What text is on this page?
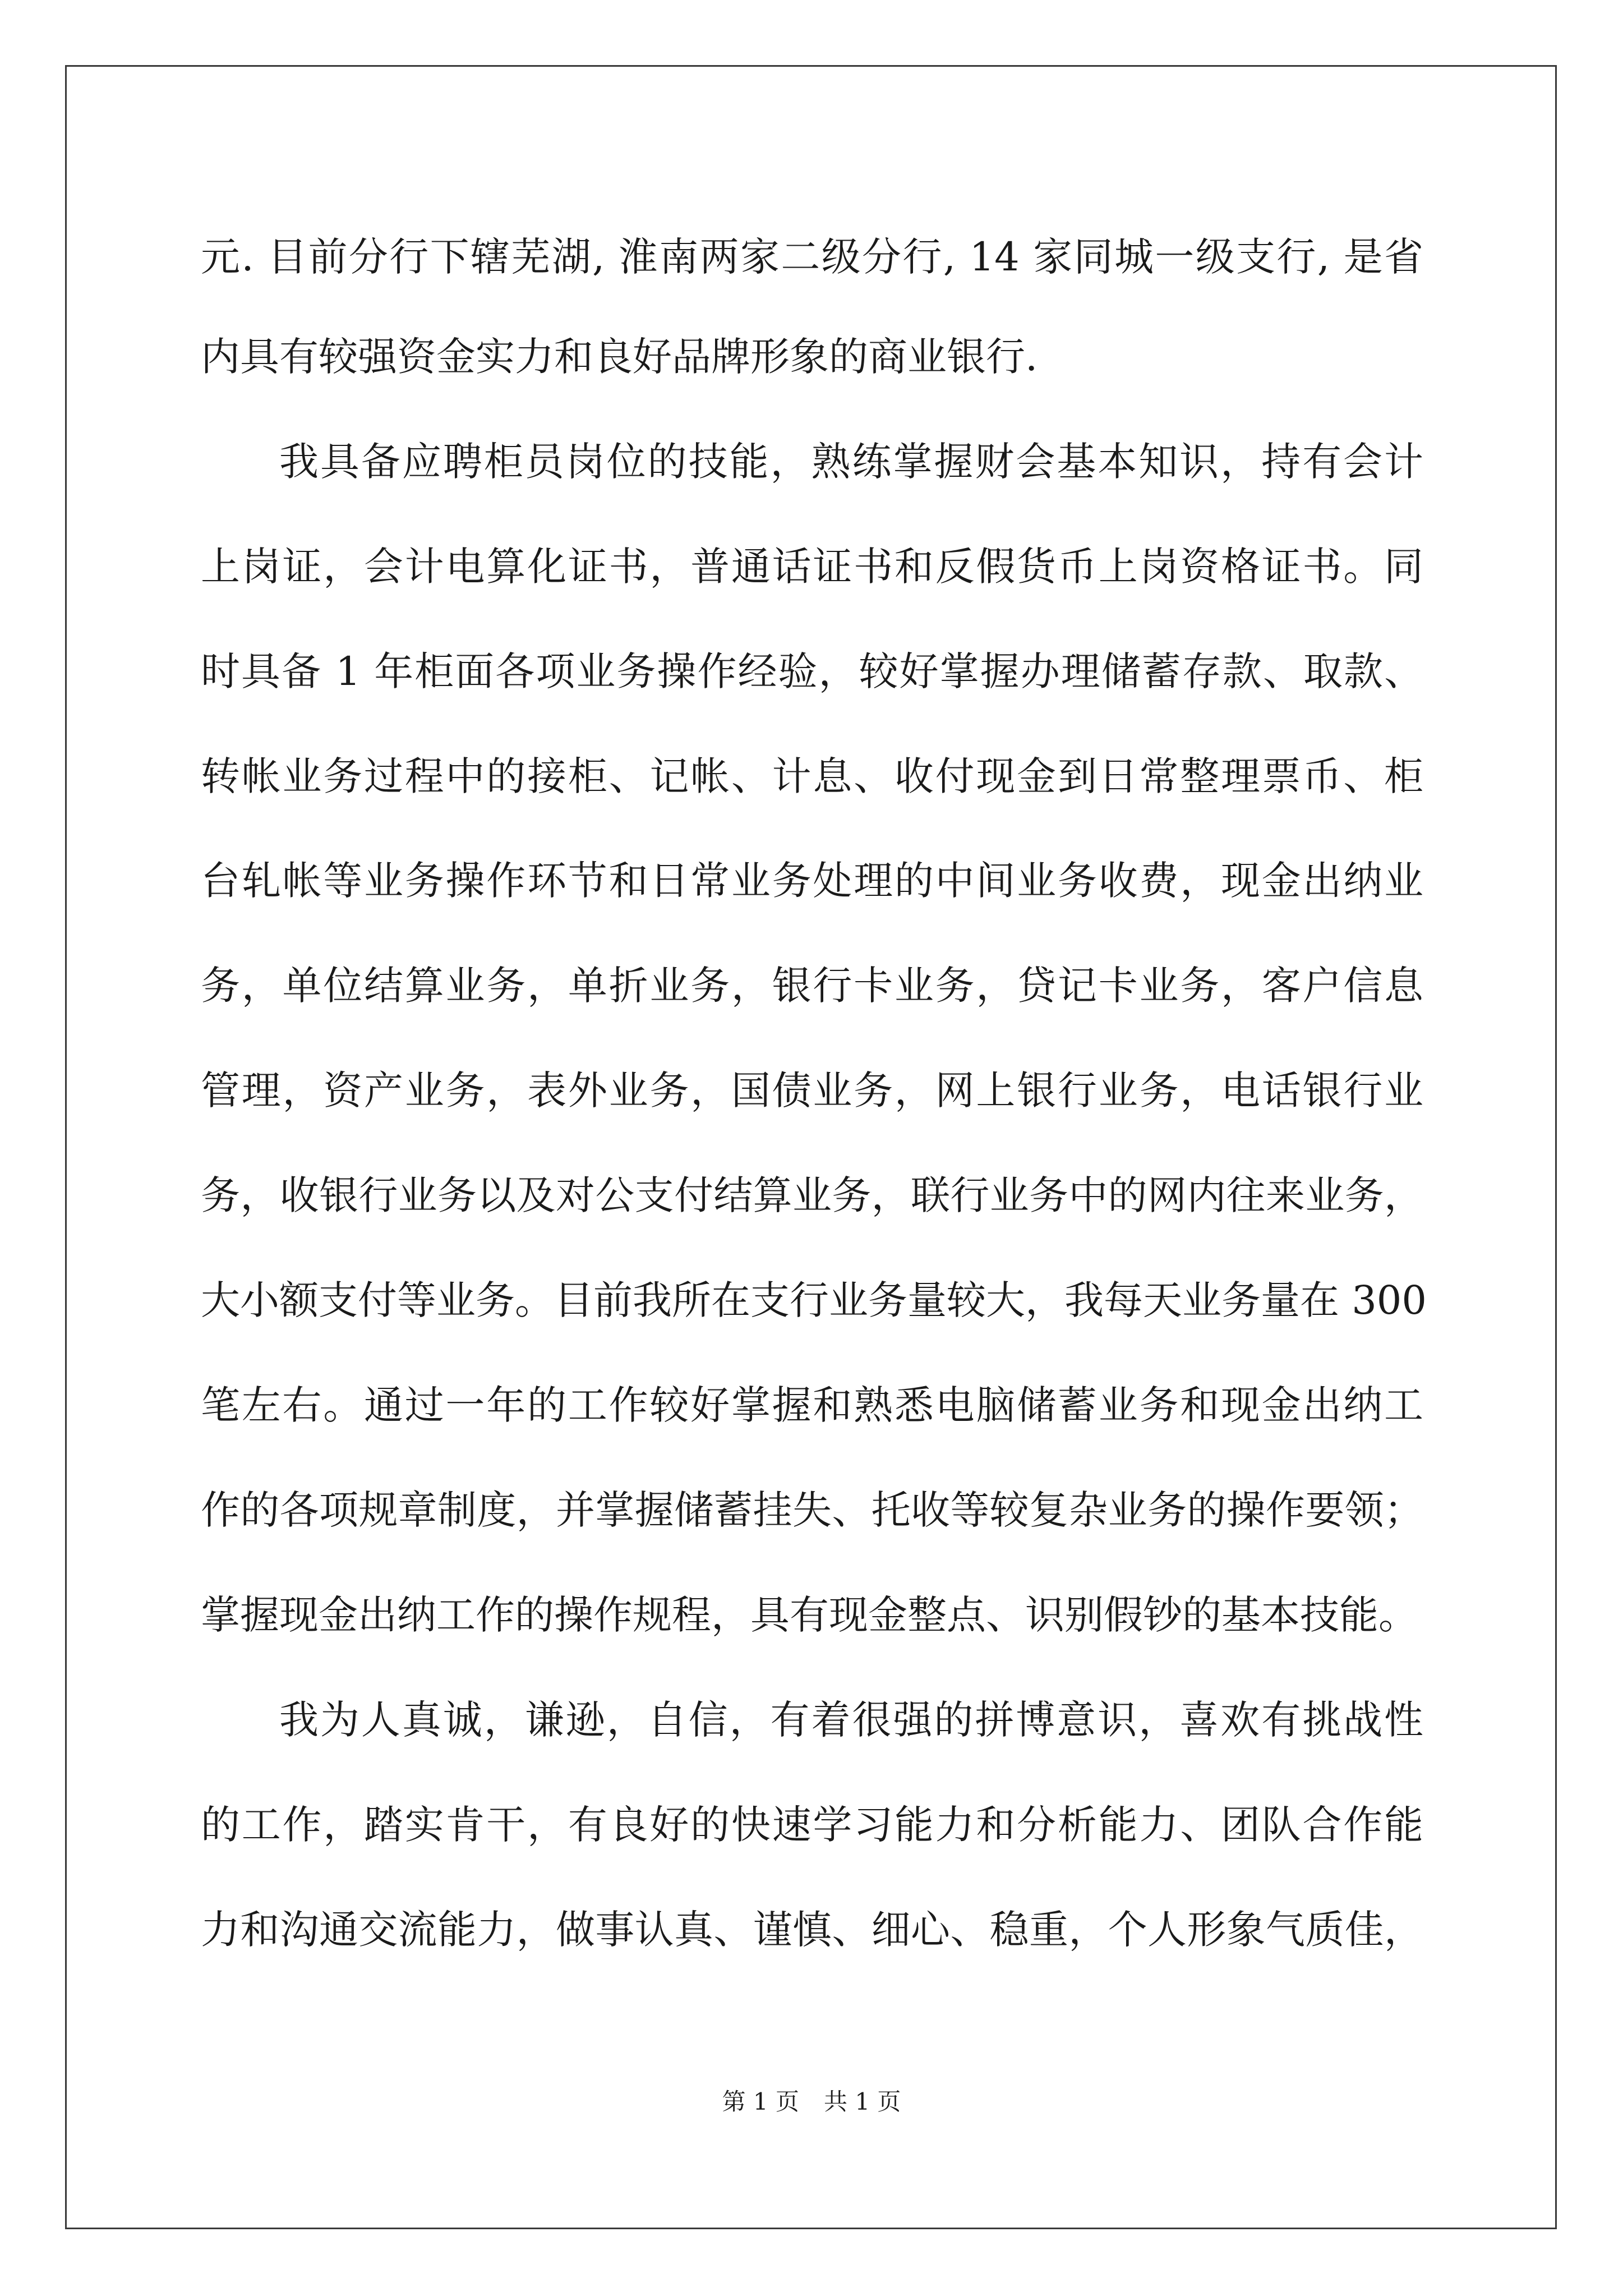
元. 目前分行下辖芜湖, 淮南两家二级分行, 14 家同城一级支行, 是省
内具有较强资金实力和良好品牌形象的商业银行.
我具备应聘柜员岗位的技能，熟练掌握财会基本知识，持有会计
上岗证，会计电算化证书，普通话证书和反假货币上岗资格证书。同
时具备 1 年柜面各项业务操作经验，较好掌握办理储蓄存款、取款、
转帐业务过程中的接柜、记帐、计息、收付现金到日常整理票币、柜
台轧帐等业务操作环节和日常业务处理的中间业务收费，现金出纳业
务，单位结算业务，单折业务，银行卡业务，贷记卡业务，客户信息
管理，资产业务，表外业务，国债业务，网上银行业务，电话银行业
务，收银行业务以及对公支付结算业务，联行业务中的网内往来业务，
大小额支付等业务。目前我所在支行业务量较大，我每天业务量在 300
笔左右。通过一年的工作较好掌握和熟悉电脑储蓄业务和现金出纳工
作的各项规章制度，并掌握储蓄挂失、托收等较复杂业务的操作要领；
掌握现金出纳工作的操作规程，具有现金整点、识别假钞的基本技能。
我为人真诚，谦逊，自信，有着很强的拼博意识，喜欢有挑战性
的工作，踏实肯干，有良好的快速学习能力和分析能力、团队合作能
力和沟通交流能力，做事认真、谨慎、细心、稳重，个人形象气质佳，
第 1 页 共 1 页
